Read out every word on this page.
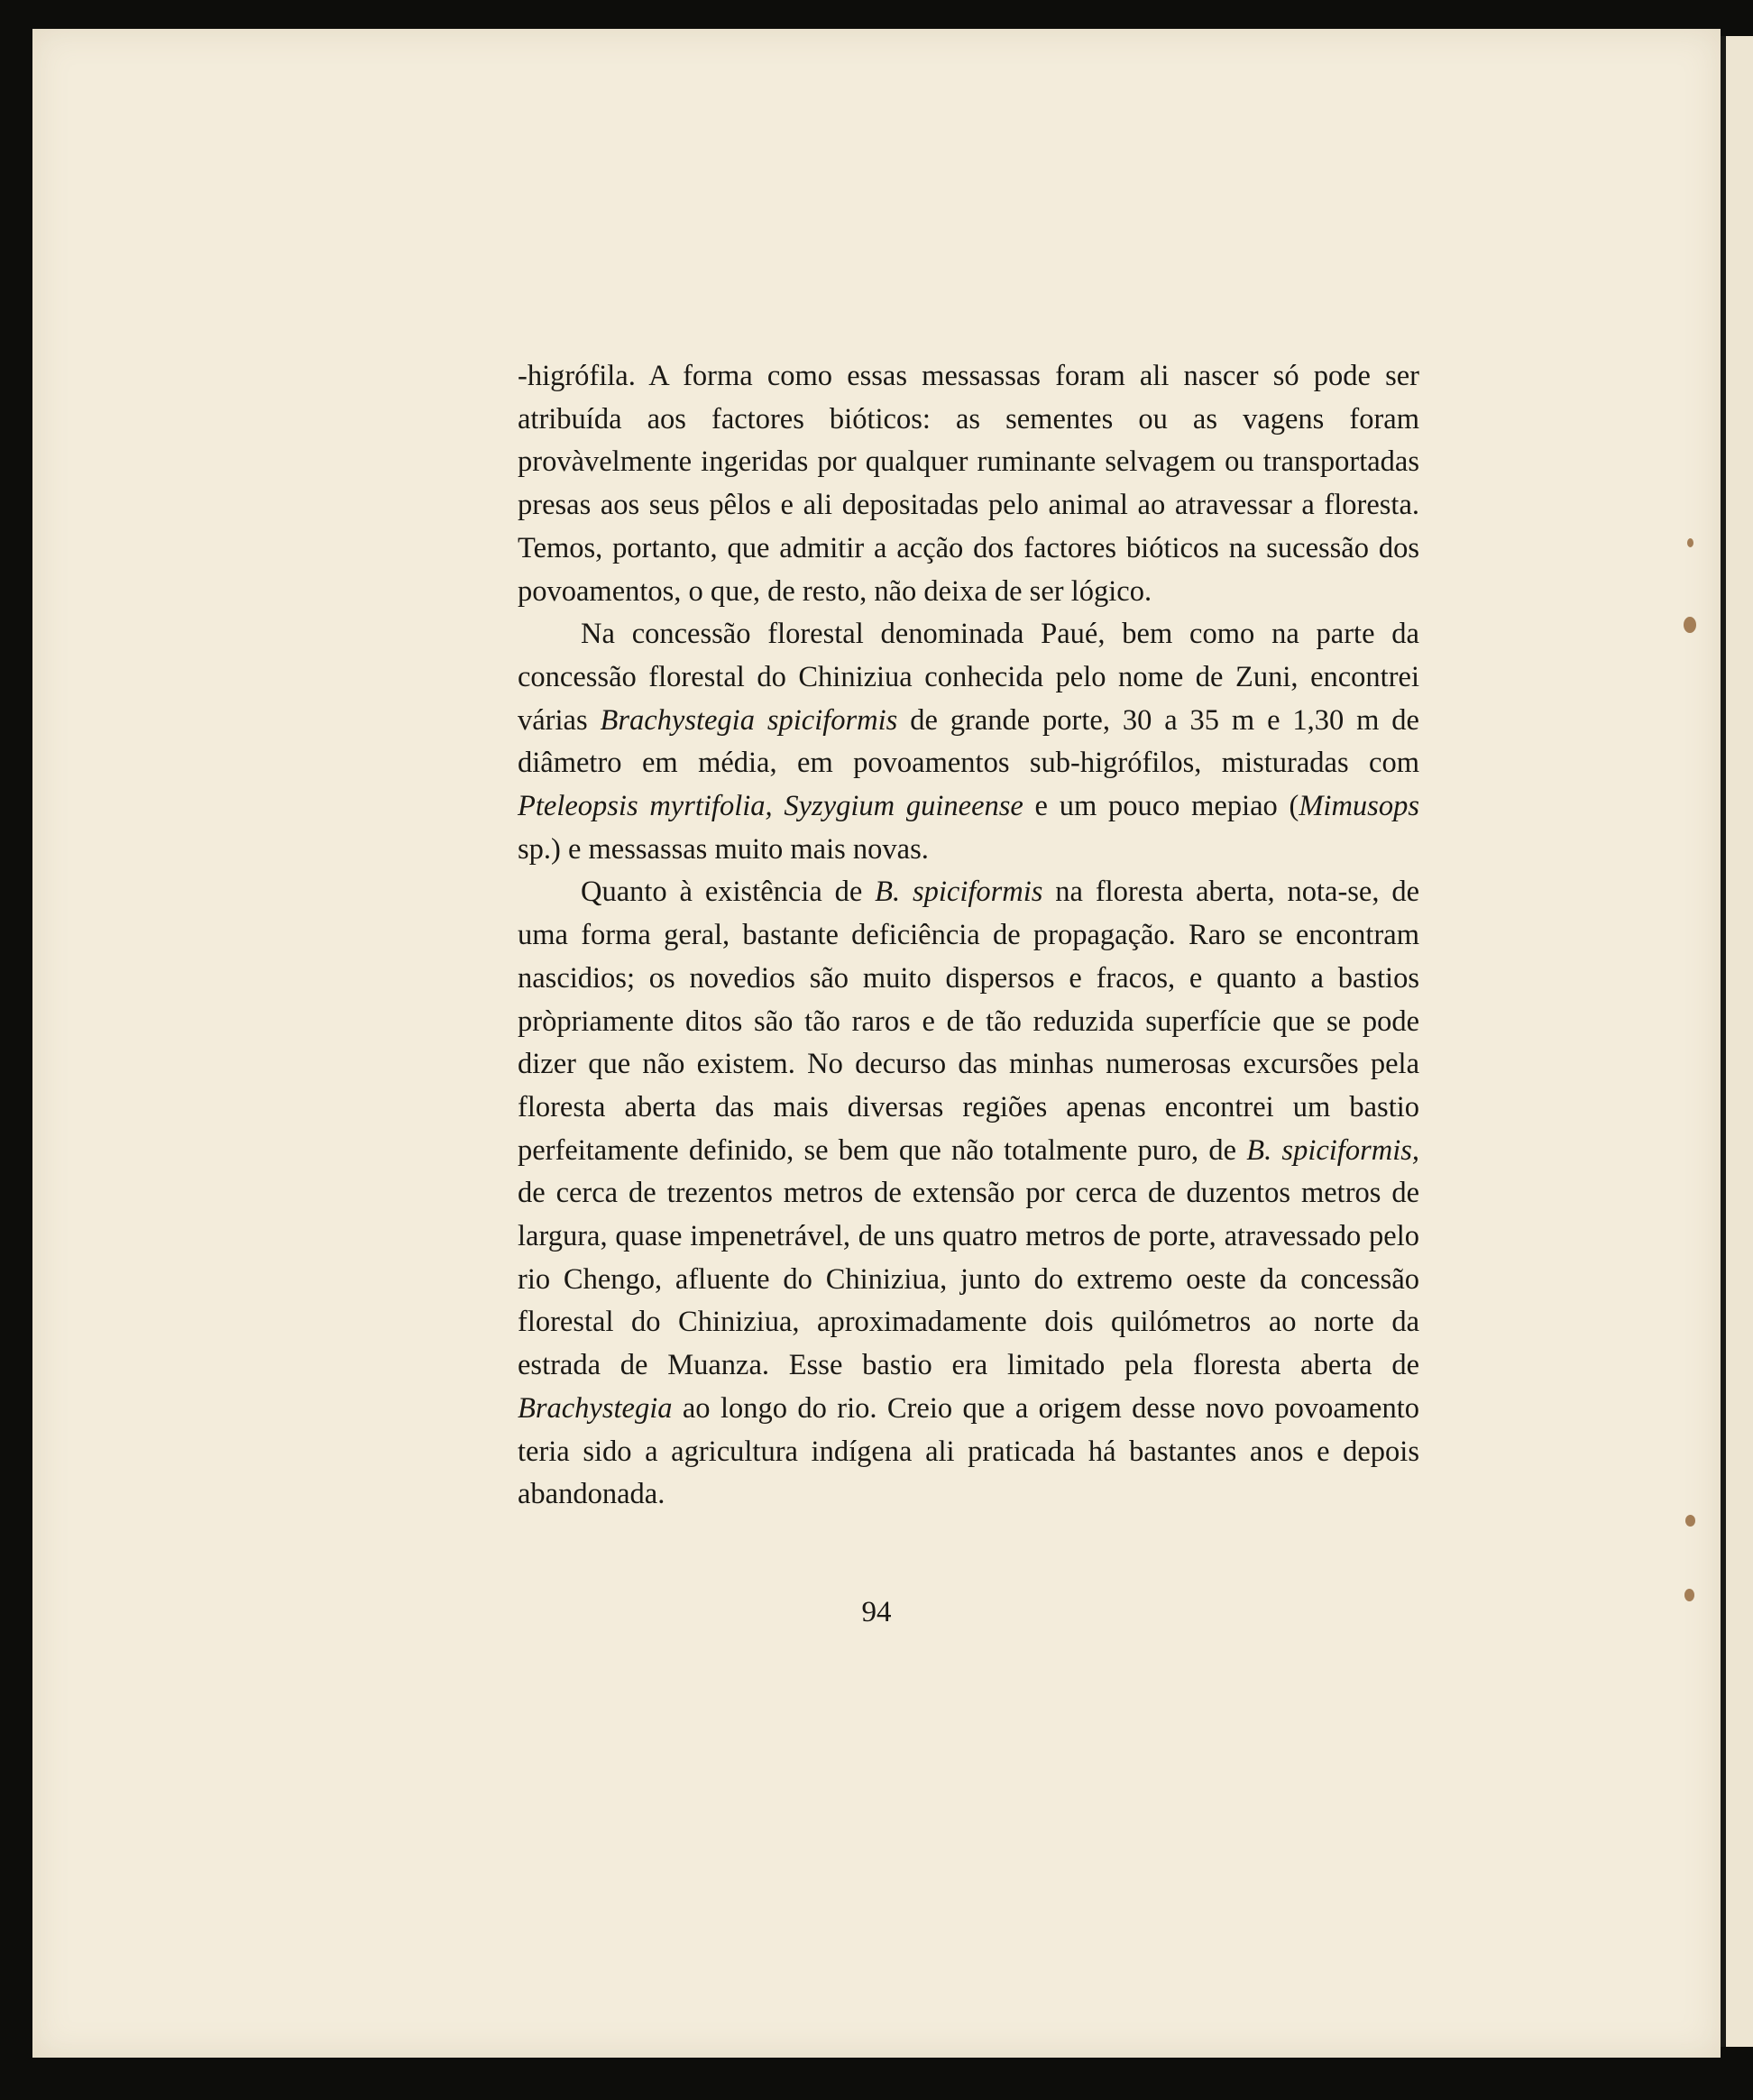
-higrófila. A forma como essas messassas foram ali nascer só pode ser atribuída aos factores bióticos: as sementes ou as vagens foram provàvelmente ingeridas por qualquer ruminante selvagem ou transportadas presas aos seus pêlos e ali depositadas pelo animal ao atravessar a floresta. Temos, portanto, que admitir a acção dos factores bióticos na sucessão dos povoamentos, o que, de resto, não deixa de ser lógico.

Na concessão florestal denominada Paué, bem como na parte da concessão florestal do Chiniziua conhecida pelo nome de Zuni, encontrei várias Brachystegia spiciformis de grande porte, 30 a 35 m e 1,30 m de diâmetro em média, em povoamentos sub-higrófilos, misturadas com Pteleopsis myrtifolia, Syzygium guineense e um pouco mepiao (Mimusops sp.) e messassas muito mais novas.

Quanto à existência de B. spiciformis na floresta aberta, nota-se, de uma forma geral, bastante deficiência de propagação. Raro se encontram nascidios; os novedios são muito dispersos e fracos, e quanto a bastios pròpriamente ditos são tão raros e de tão reduzida superfície que se pode dizer que não existem. No decurso das minhas numerosas excursões pela floresta aberta das mais diversas regiões apenas encontrei um bastio perfeitamente definido, se bem que não totalmente puro, de B. spiciformis, de cerca de trezentos metros de extensão por cerca de duzentos metros de largura, quase impenetrável, de uns quatro metros de porte, atravessado pelo rio Chengo, afluente do Chiniziua, junto do extremo oeste da concessão florestal do Chiniziua, aproximadamente dois quilómetros ao norte da estrada de Muanza. Esse bastio era limitado pela floresta aberta de Brachystegia ao longo do rio. Creio que a origem desse novo povoamento teria sido a agricultura indígena ali praticada há bastantes anos e depois abandonada.

94
